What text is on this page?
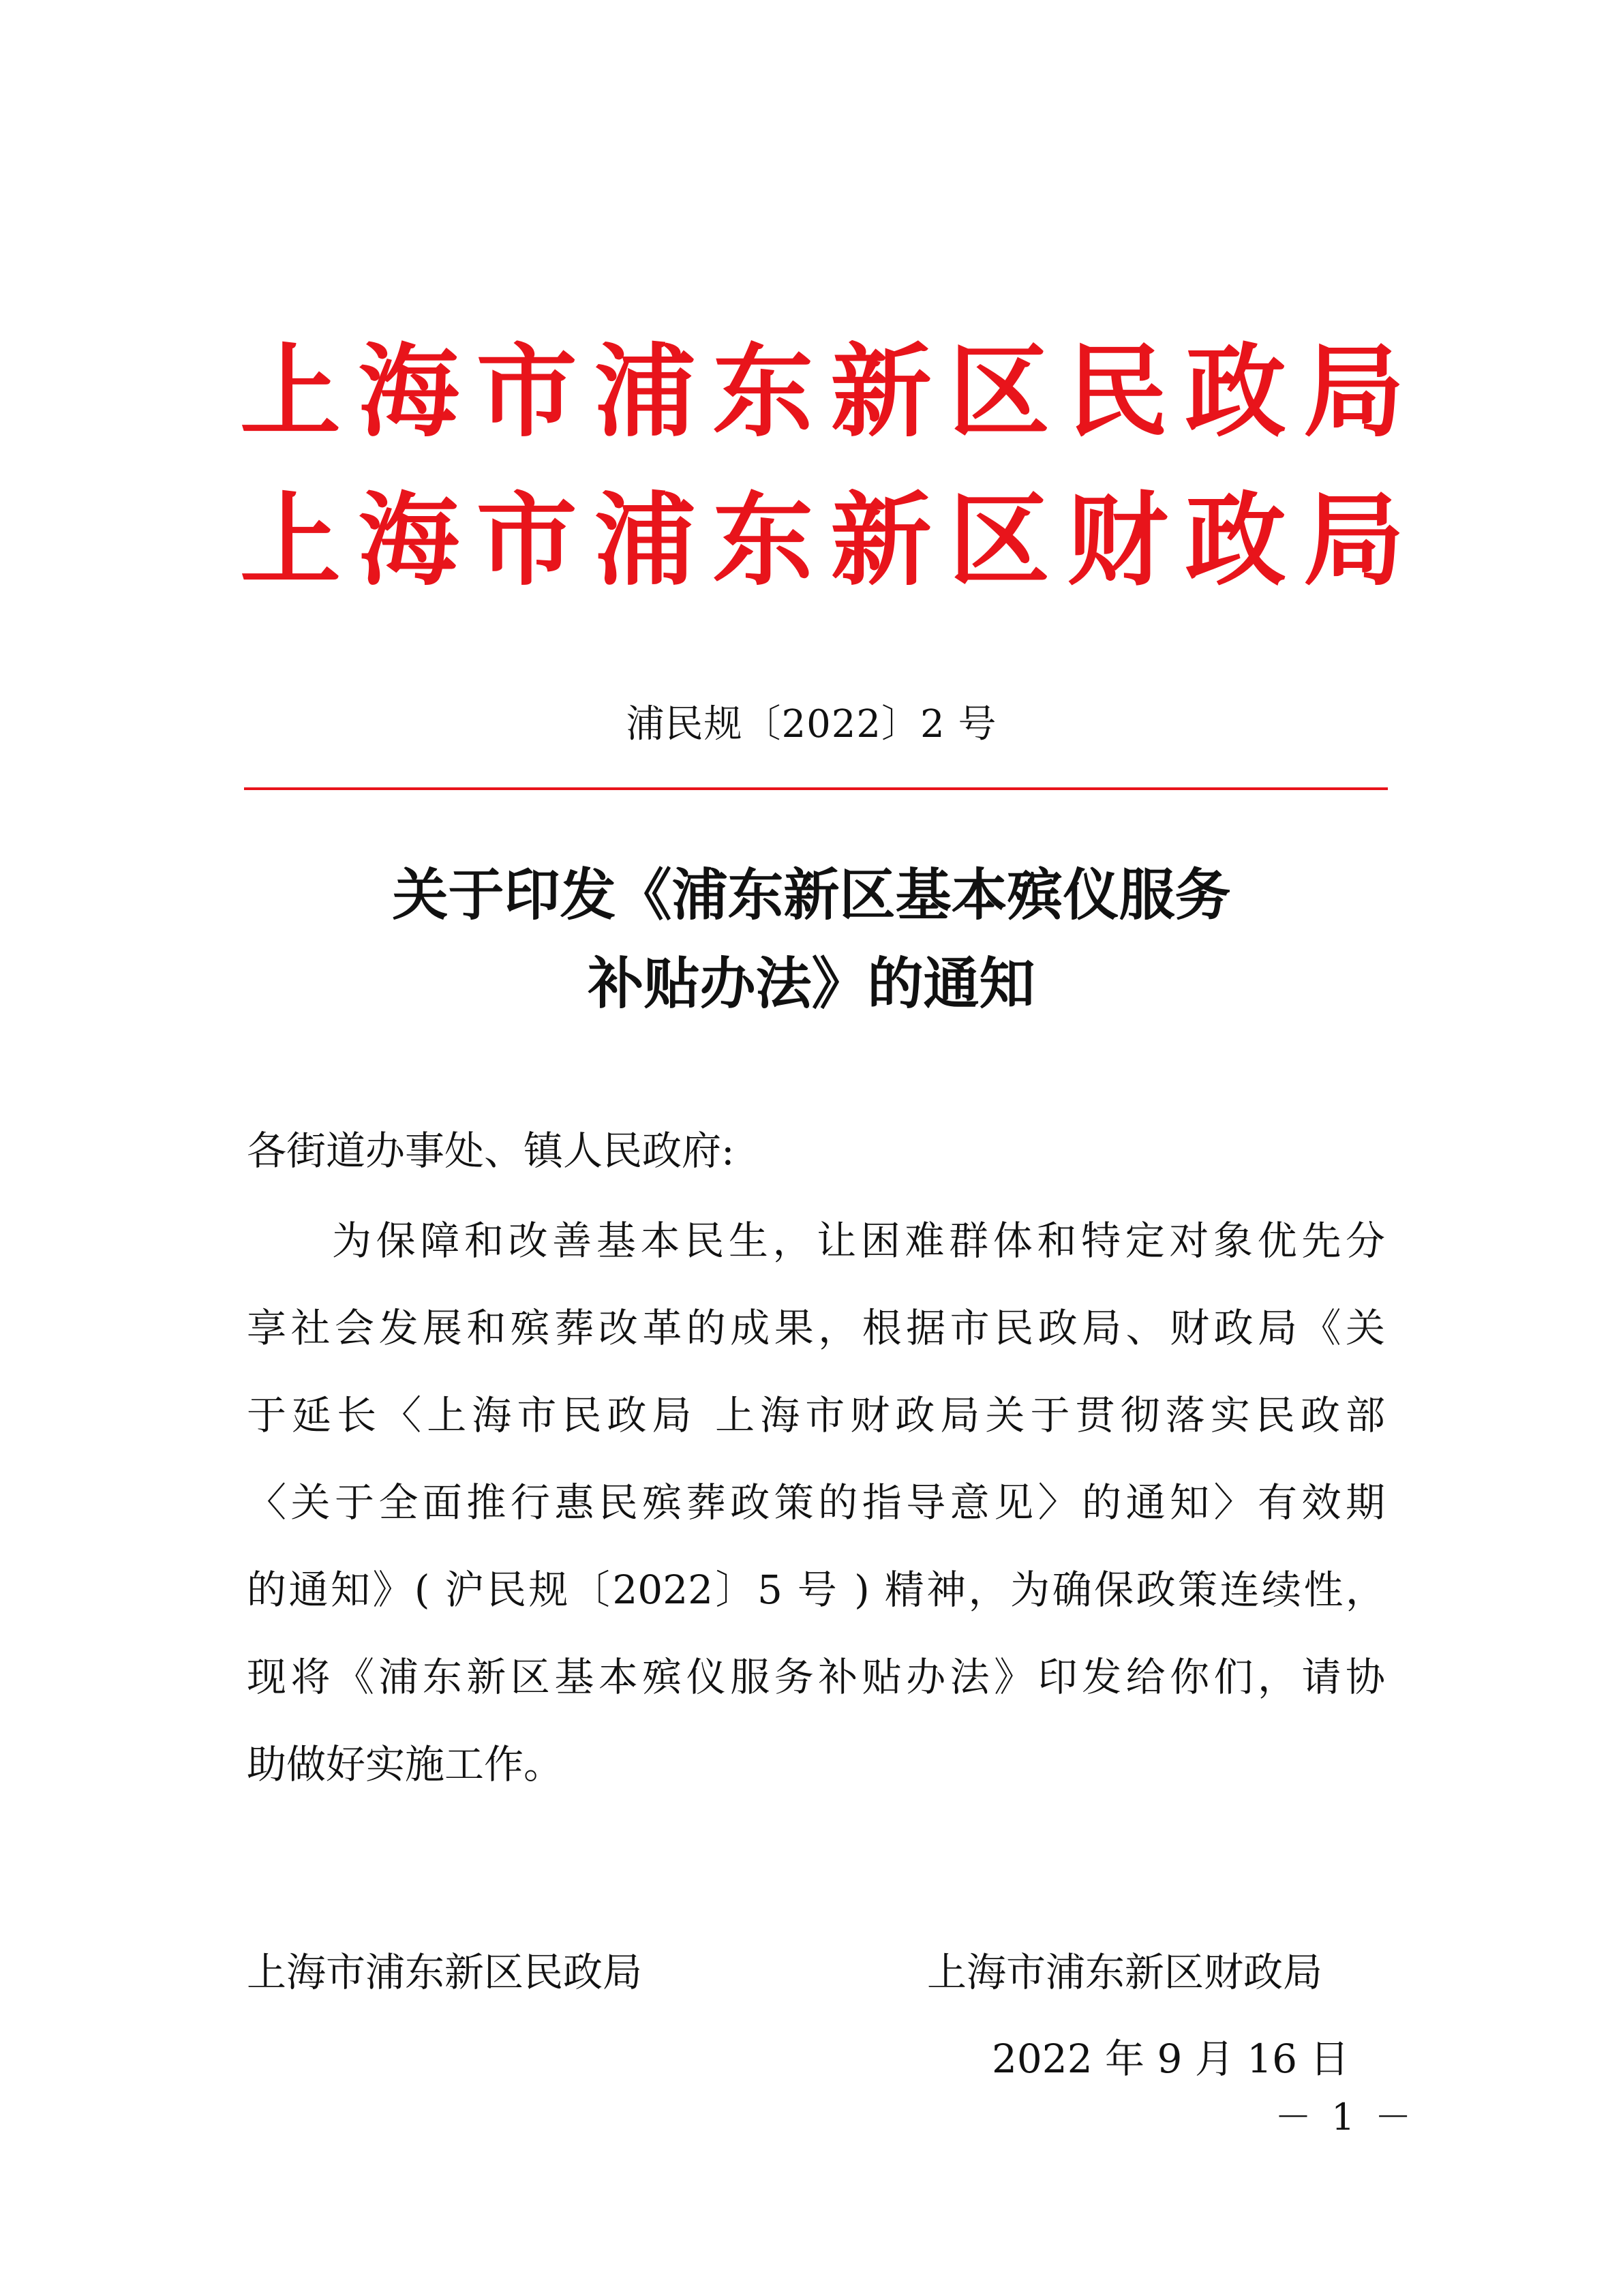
上海市浦东新区民政局
上海市浦东新区财政局
浦民规〔2022〕2 号
关于印发《浦东新区基本殡仪服务
补贴办法》的通知
各街道办事处、镇人民政府:
为保障和改善基本民生，让困难群体和特定对象优先分
享社会发展和殡葬改革的成果，根据市民政局、财政局《关
于延长〈上海市民政局 上海市财政局关于贯彻落实民政部
〈关于全面推行惠民殡葬政策的指导意见〉的通知〉有效期
的通知》( 沪民规〔2022〕5 号 ) 精神，为确保政策连续性，
现将《浦东新区基本殡仪服务补贴办法》印发给你们，请协
助做好实施工作。
上海市浦东新区民政局	上海市浦东新区财政局
2022 年 9 月 16 日
－ 1 －
